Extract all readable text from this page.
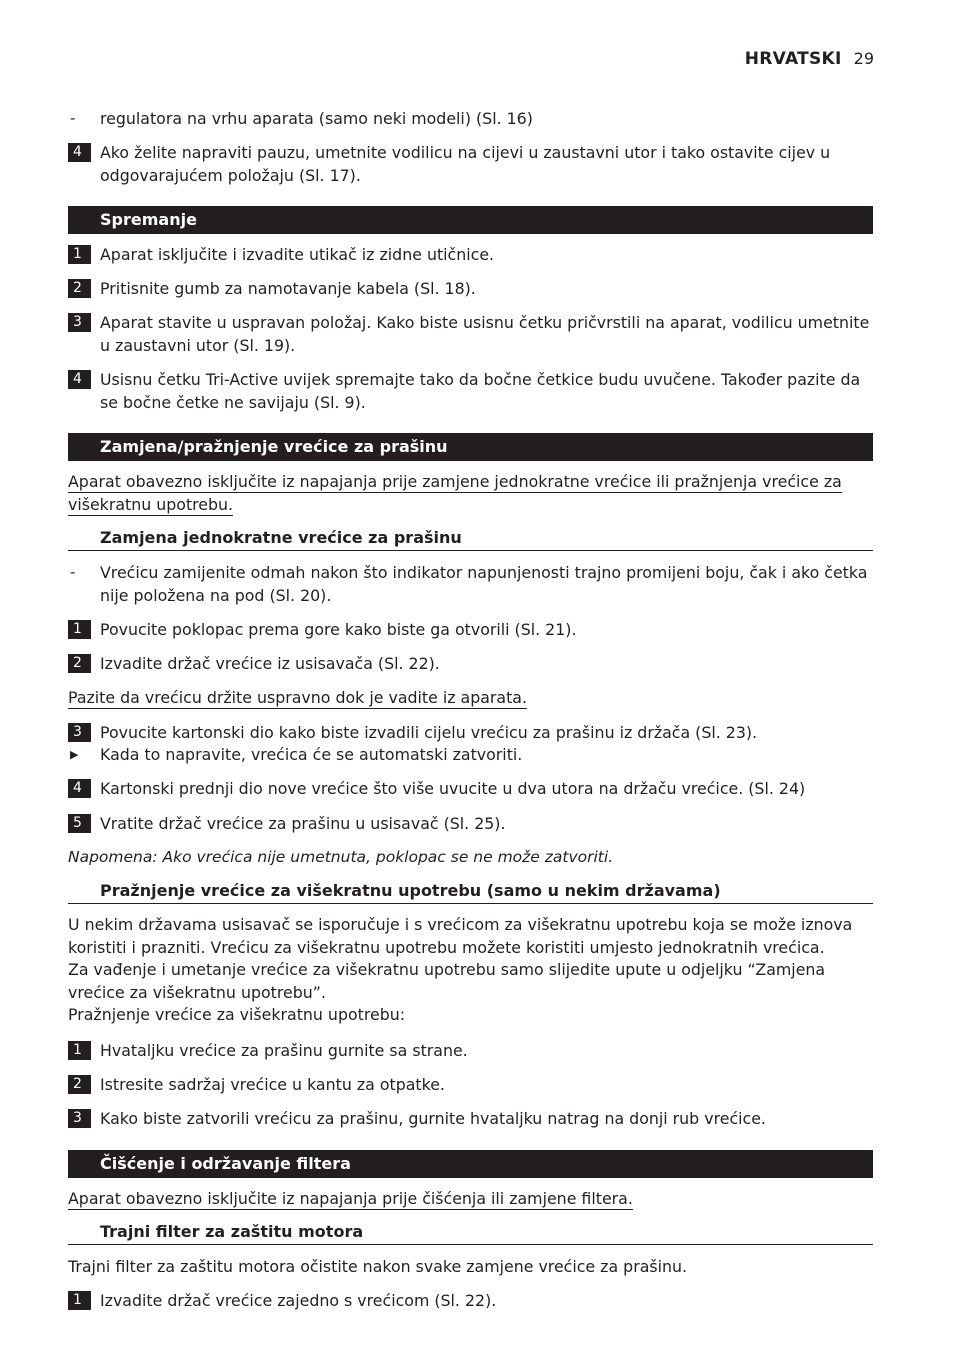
HRVATSKI 29
- regulatora na vrhu aparata (samo neki modeli) (Sl. 16)
4	Ako želite napraviti pauzu, umetnite vodilicu na cijevi u zaustavni utor i tako ostavite cijev u odgovarajućem položaju (Sl. 17).
Spremanje
1	Aparat isključite i izvadite utikač iz zidne utičnice.
2	Pritisnite gumb za namotavanje kabela (Sl. 18).
3	Aparat stavite u uspravan položaj. Kako biste usisnu četku pričvrstili na aparat, vodilicu umetnite u zaustavni utor (Sl. 19).
4	Usisnu četku Tri-Active uvijek spremajte tako da bočne četkice budu uvučene. Također pazite da se bočne četke ne savijaju (Sl. 9).
Zamjena/pražnjenje vrećice za prašinu
Aparat obavezno isključite iz napajanja prije zamjene jednokratne vrećice ili pražnjenja vrećice za višekratnu upotrebu.
Zamjena jednokratne vrećice za prašinu
- Vrećicu zamijenite odmah nakon što indikator napunjenosti trajno promijeni boju, čak i ako četka nije položena na pod (Sl. 20).
1	Povucite poklopac prema gore kako biste ga otvorili (Sl. 21).
2	Izvadite držač vrećice iz usisavača (Sl. 22).
Pazite da vrećicu držite uspravno dok je vadite iz aparata.
3	Povucite kartonski dio kako biste izvadili cijelu vrećicu za prašinu iz držača (Sl. 23).
▶ Kada to napravite, vrećica će se automatski zatvoriti.
4	Kartonski prednji dio nove vrećice što više uvucite u dva utora na držaču vrećice. (Sl. 24)
5	Vratite držač vrećice za prašinu u usisavač (Sl. 25).
Napomena: Ako vrećica nije umetnuta, poklopac se ne može zatvoriti.
Pražnjenje vrećice za višekratnu upotrebu (samo u nekim državama)
U nekim državama usisavač se isporučuje i s vrećicom za višekratnu upotrebu koja se može iznova koristiti i prazniti. Vrećicu za višekratnu upotrebu možete koristiti umjesto jednokratnih vrećica.
Za vađenje i umetanje vrećice za višekratnu upotrebu samo slijedite upute u odjeljku “Zamjena vrećice za višekratnu upotrebu”.
Pražnjenje vrećice za višekratnu upotrebu:
1	Hvataljku vrećice za prašinu gurnite sa strane.
2	Istresite sadržaj vrećice u kantu za otpatke.
3	Kako biste zatvorili vrećicu za prašinu, gurnite hvataljku natrag na donji rub vrećice.
Čišćenje i održavanje filtera
Aparat obavezno isključite iz napajanja prije čišćenja ili zamjene filtera.
Trajni filter za zaštitu motora
Trajni filter za zaštitu motora očistite nakon svake zamjene vrećice za prašinu.
1	Izvadite držač vrećice zajedno s vrećicom (Sl. 22).
